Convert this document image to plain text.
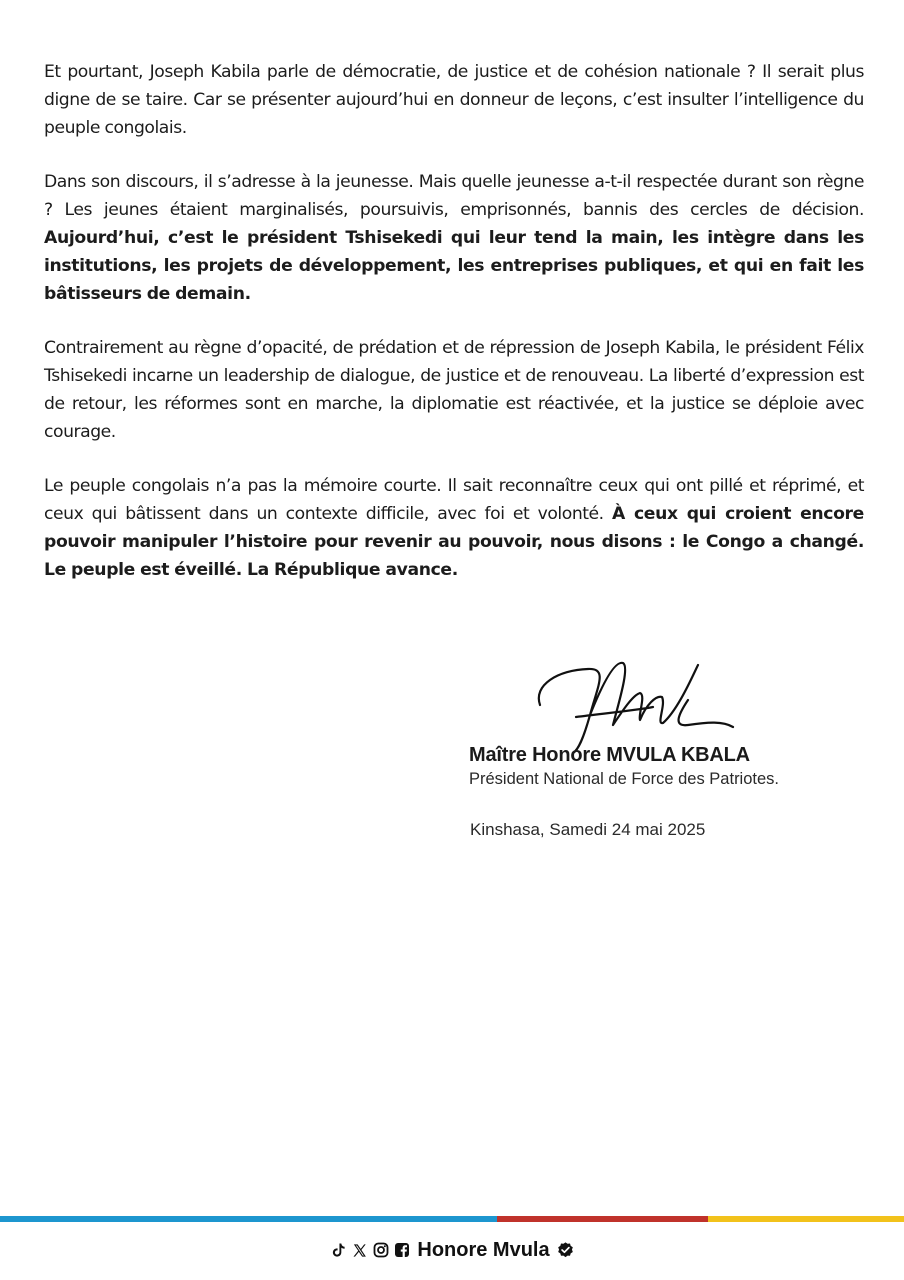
Et pourtant, Joseph Kabila parle de démocratie, de justice et de cohésion nationale ? Il serait plus digne de se taire. Car se présenter aujourd’hui en donneur de leçons, c’est insulter l’intelligence du peuple congolais.

Dans son discours, il s’adresse à la jeunesse. Mais quelle jeunesse a-t-il respectée durant son règne ? Les jeunes étaient marginalisés, poursuivis, emprisonnés, bannis des cercles de décision. Aujourd’hui, c’est le président Tshisekedi qui leur tend la main, les intègre dans les institutions, les projets de développement, les entreprises publiques, et qui en fait les bâtisseurs de demain.

Contrairement au règne d’opacité, de prédation et de répression de Joseph Kabila, le président Félix Tshisekedi incarne un leadership de dialogue, de justice et de renouveau. La liberté d’expression est de retour, les réformes sont en marche, la diplomatie est réactivée, et la justice se déploie avec courage.

Le peuple congolais n’a pas la mémoire courte. Il sait reconnaître ceux qui ont pillé et réprimé, et ceux qui bâtissent dans un contexte difficile, avec foi et volonté. À ceux qui croient encore pouvoir manipuler l’histoire pour revenir au pouvoir, nous disons : le Congo a changé. Le peuple est éveillé. La République avance.

Maître Honore MVULA KBALA
Président National de Force des Patriotes.
Kinshasa, Samedi 24 mai 2025
Honore Mvula
